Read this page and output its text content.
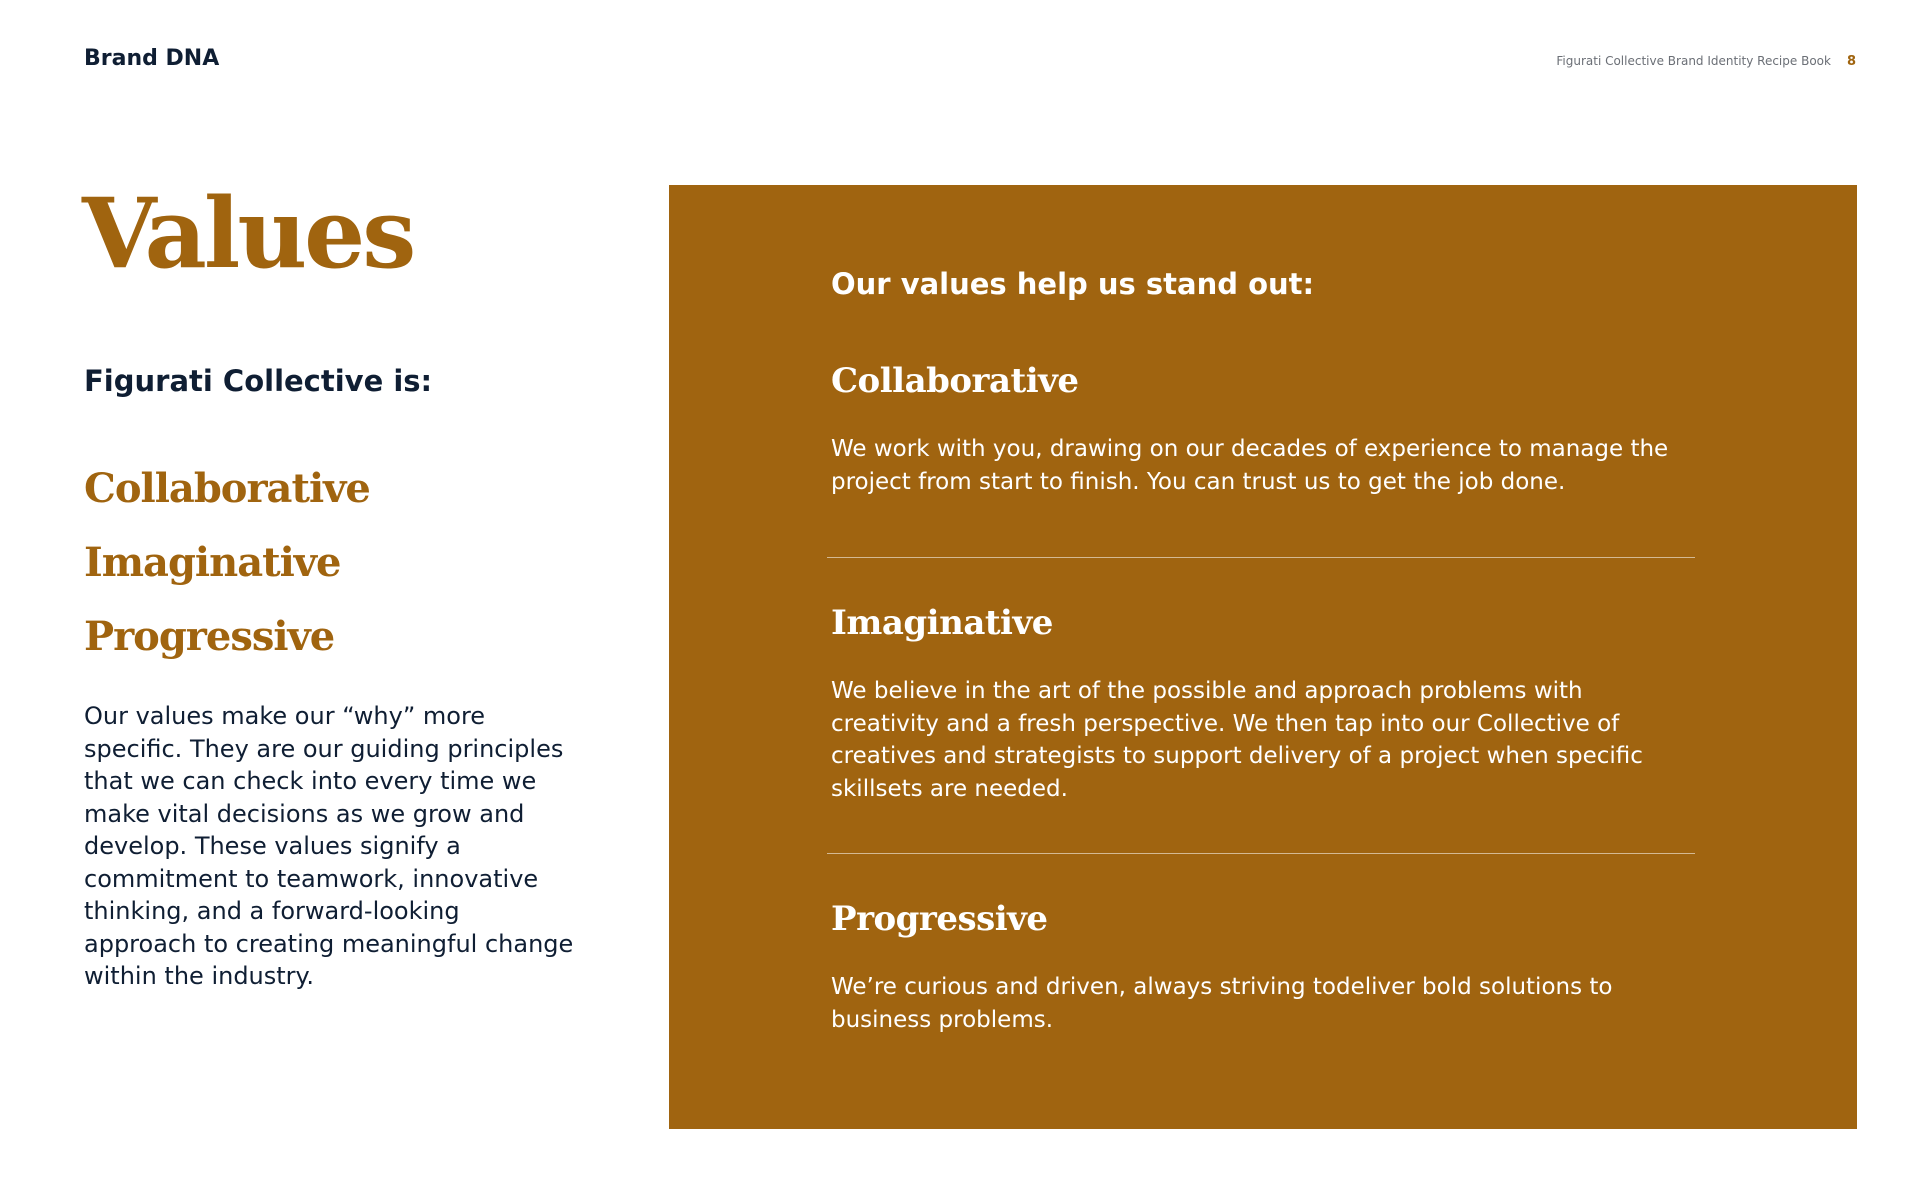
Brand DNA	Figurati Collective Brand Identity Recipe Book 8
Values
Figurati Collective is:
Collaborative
Imaginative
Progressive

Our values make our “why” more specific. They are our guiding principles that we can check into every time we make vital decisions as we grow and develop. These values signify a commitment to teamwork, innovative thinking, and a forward-looking approach to creating meaningful change within the industry.

Our values help us stand out:
Collaborative

We work with you, drawing on our decades of experience to manage the project from start to finish. You can trust us to get the job done.

Imaginative

We believe in the art of the possible and approach problems with creativity and a fresh perspective. We then tap into our Collective of creatives and strategists to support delivery of a project when specific skillsets are needed.

Progressive

We’re curious and driven, always striving todeliver bold solutions to business problems.
